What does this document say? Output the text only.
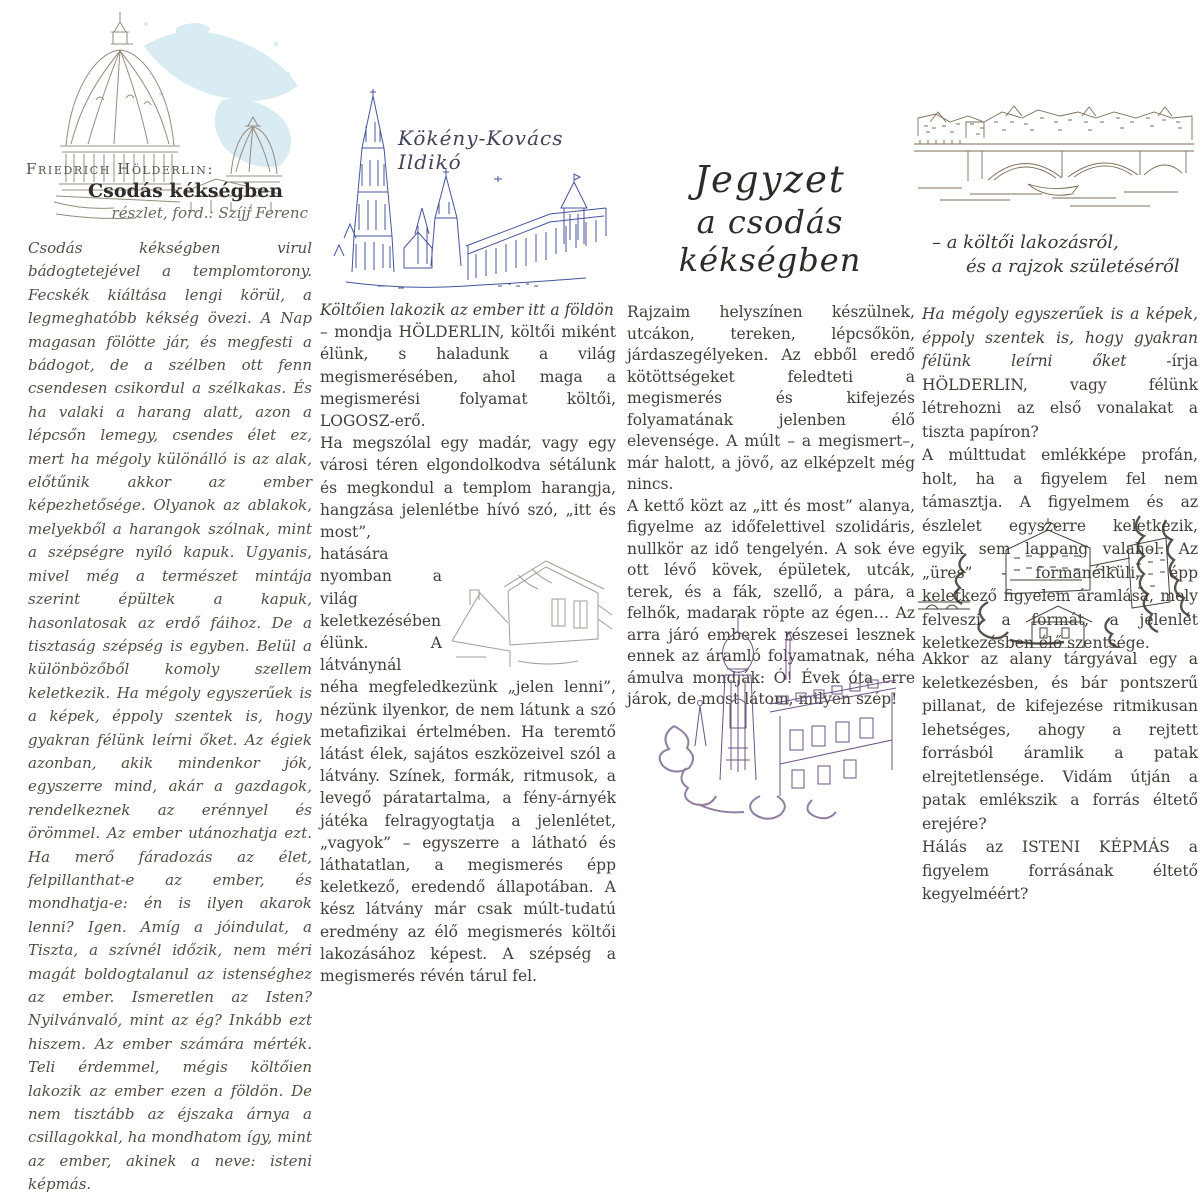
Friedrich Hölderlin:
Csodás kékségben
részlet, ford.: Szíjj Ferenc
Csodás kékségben virul bádogtetejével a templomtorony. Fecskék kiáltása lengi körül, a legmeghatóbb kékség övezi. A Nap magasan fölötte jár, és megfesti a bádogot, de a szélben ott fenn csendesen csikordul a szélkakas. És ha valaki a harang alatt, azon a lépcsőn lemegy, csendes élet ez, mert ha mégoly különálló is az alak, előtűnik akkor az ember képezhetősége. Olyanok az ablakok, melyekből a harangok szólnak, mint a szépségre nyíló kapuk. Ugyanis, mivel még a természet mintája szerint épültek a kapuk, hasonlatosak az erdő fáihoz. De a tisztaság szépség is egyben. Belül a különbözőből komoly szellem keletkezik. Ha mégoly egyszerűek is a képek, éppoly szentek is, hogy gyakran félünk leírni őket. Az égiek azonban, akik mindenkor jók, egyszerre mind, akár a gazdagok, rendelkeznek az erénnyel és örömmel. Az ember utánozhatja ezt. Ha merő fáradozás az élet, felpillanthat-e az ember, és mondhatja-e: én is ilyen akarok lenni? Igen. Amíg a jóindulat, a Tiszta, a szívnél időzik, nem méri magát boldogtalanul az istenséghez az ember. Ismeretlen az Isten? Nyilvánvaló, mint az ég? Inkább ezt hiszem. Az ember számára mérték. Teli érdemmel, mégis költőien lakozik az ember ezen a földön. De nem tisztább az éjszaka árnya a csillagokkal, ha mondhatom így, mint az ember, akinek a neve: isteni képmás.
Kökény-Kovács Ildikó

Költőien lakozik az ember itt a földön

– mondja HÖLDERLIN, költői miként élünk, s haladunk a világ megismerésében, ahol maga a megismerési folyamat költői, LOGOSZ-erő.

Ha megszólal egy madár, vagy egy városi téren elgondolkodva sétálunk és megkondul a templom harangja, hangzása jelenlétbe hívó szó, „itt és most”,

hatására nyomban a világ keletkezésében élünk. A látványnál néha megfeledkezünk „jelen lenni”, nézünk ilyenkor, de nem látunk a szó metafizikai értelmében. Ha teremtő látást élek, sajátos eszközeivel szól a látvány. Színek, formák, ritmusok, a levegő páratartalma, a fény-árnyék játéka felragyogtatja a jelenlétet, „vagyok” – egyszerre a látható és láthatatlan, a megismerés épp keletkező, eredendő állapotában. A kész látvány már csak múlt-tudatú eredmény az élő megismerés költői lakozásához képest. A szépség a megismerés révén tárul fel.

Jegyzet
a csodás kékségben

Rajzaim helyszínen készülnek, utcákon, tereken, lépcsőkön, járdaszegélyeken. Az ebből eredő kötöttségeket feledteti a megismerés és kifejezés folyamatának jelenben élő elevensége. A múlt – a megismert–, már halott, a jövő, az elképzelt még nincs.

A kettő közt az „itt és most” alanya, figyelme az időfelettivel szolidáris, nullkör az idő tengelyén. A sok éve ott lévő kövek, épületek, utcák, terek, és a fák, szellő, a pára, a felhők, madarak röpte az égen… Az arra járó emberek részesei lesznek ennek az áramló folyamatnak, néha ámulva mondják: Ó! Évek óta erre járok, de most látom, milyen szép!

– a költői lakozásról,
és a rajzok születéséről

Ha mégoly egyszerűek is a képek, éppoly szentek is, hogy gyakran félünk leírni őket -írja HÖLDERLIN, vagy félünk létrehozni az első vonalakat a tiszta papíron?

A múlttudat emlékképe profán, holt, ha a figyelem fel nem támasztja. A figyelmem és az észlelet egyszerre keletkezik, egyik sem lappang valahol. Az „üres” - formanélküli, épp keletkező figyelem áramlása, mely felveszi a formát, a jelenlét keletkezésben élő szentsége.

Akkor az alany tárgyával egy a keletkezésben, és bár pontszerű pillanat, de kifejezése ritmikusan lehetséges, ahogy a rejtett forrásból áramlik a patak elrejtetlensége. Vidám útján a patak emlékszik a forrás éltető erejére?

Hálás az ISTENI KÉPMÁS a figyelem forrásának éltető kegyelméért?
